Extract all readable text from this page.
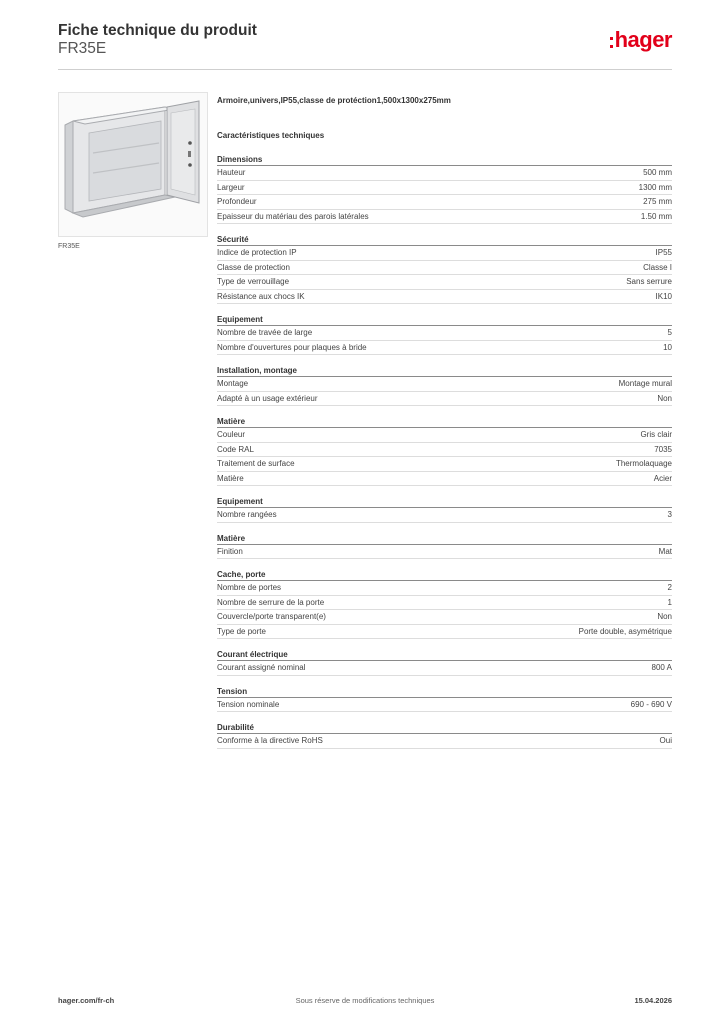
Fiche technique du produit
FR35E	hager
FR35E
Armoire,univers,IP55,classe de protéction1,500x1300x275mm
Caractéristiques techniques
Dimensions
Hauteur	500 mm
Largeur	1300 mm
Profondeur	275 mm
Epaisseur du matériau des parois latérales	1.50 mm
Sécurité
Indice de protection IP	IP55
Classe de protection	Classe I
Type de verrouillage	Sans serrure
Résistance aux chocs IK	IK10
Equipement
Nombre de travée de large	5
Nombre d'ouvertures pour plaques à bride	10
Installation, montage
Montage	Montage mural
Adapté à un usage extérieur	Non
Matière
Couleur	Gris clair
Code RAL	7035
Traitement de surface	Thermolaquage
Matière	Acier
Equipement
Nombre rangées	3
Matière
Finition	Mat
Cache, porte
Nombre de portes	2
Nombre de serrure de la porte	1
Couvercle/porte transparent(e)	Non
Type de porte	Porte double, asymétrique
Courant électrique
Courant assigné nominal	800 A
Tension
Tension nominale	690 - 690 V
Durabilité
Conforme à la directive RoHS	Oui
hager.com/fr-ch	Sous réserve de modifications techniques	15.04.2026
